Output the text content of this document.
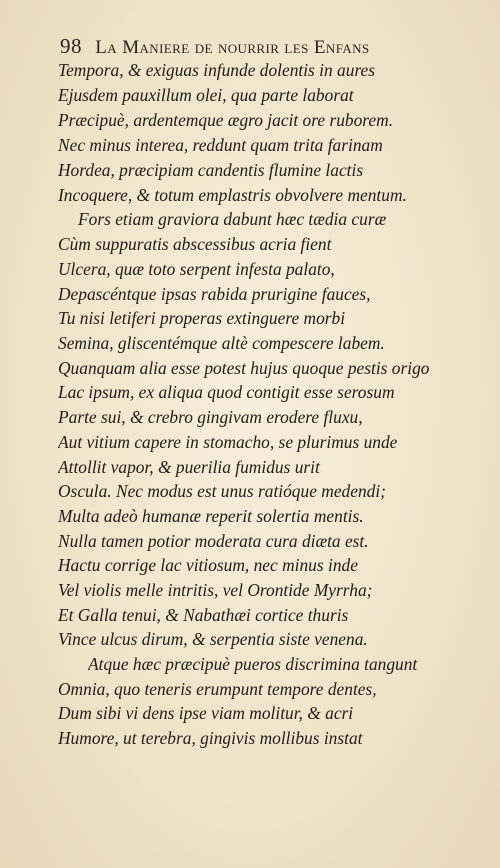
98 La Maniere de nourrir les Enfans
Tempora, & exiguas infunde dolentis in aures
Ejusdem pauxillum olei, qua parte laborat
Præcipuè, ardentemque ægro jacit ore ruborem.
Nec minus interea, reddunt quam trita farinam
Hordea, præcipiam candentis flumine lactis
Incoquere, & totum emplastris obvolvere mentum.
Fors etiam graviora dabunt hæc tædia curæ
Cùm suppuratis abscessibus acria fient
Ulcera, quæ toto serpent infesta palato,
Depascéntque ipsas rabida prurigine fauces,
Tu nisi letiferi properas extinguere morbi
Semina, gliscentémque altè compescere labem.
Quanquam alia esse potest hujus quoque pestis origo
Lac ipsum, ex aliqua quod contigit esse serosum
Parte sui, & crebro gingivam erodere fluxu,
Aut vitium capere in stomacho, se plurimus unde
Attollit vapor, & puerilia fumidus urit
Oscula. Nec modus est unus ratióque medendi;
Multa adeò humanæ reperit solertia mentis.
Nulla tamen potior moderata cura diæta est.
Hactu corrige lac vitiosum, nec minus inde
Vel violis melle intritis, vel Orontide Myrrha;
Et Galla tenui, & Nabathæi cortice thuris
Vince ulcus dirum, & serpentia siste venena.
Atque hæc præcipuè pueros discrimina tangunt
Omnia, quo teneris erumpunt tempore dentes,
Dum sibi vi dens ipse viam molitur, & acri
Humore, ut terebra, gingivis mollibus instat
